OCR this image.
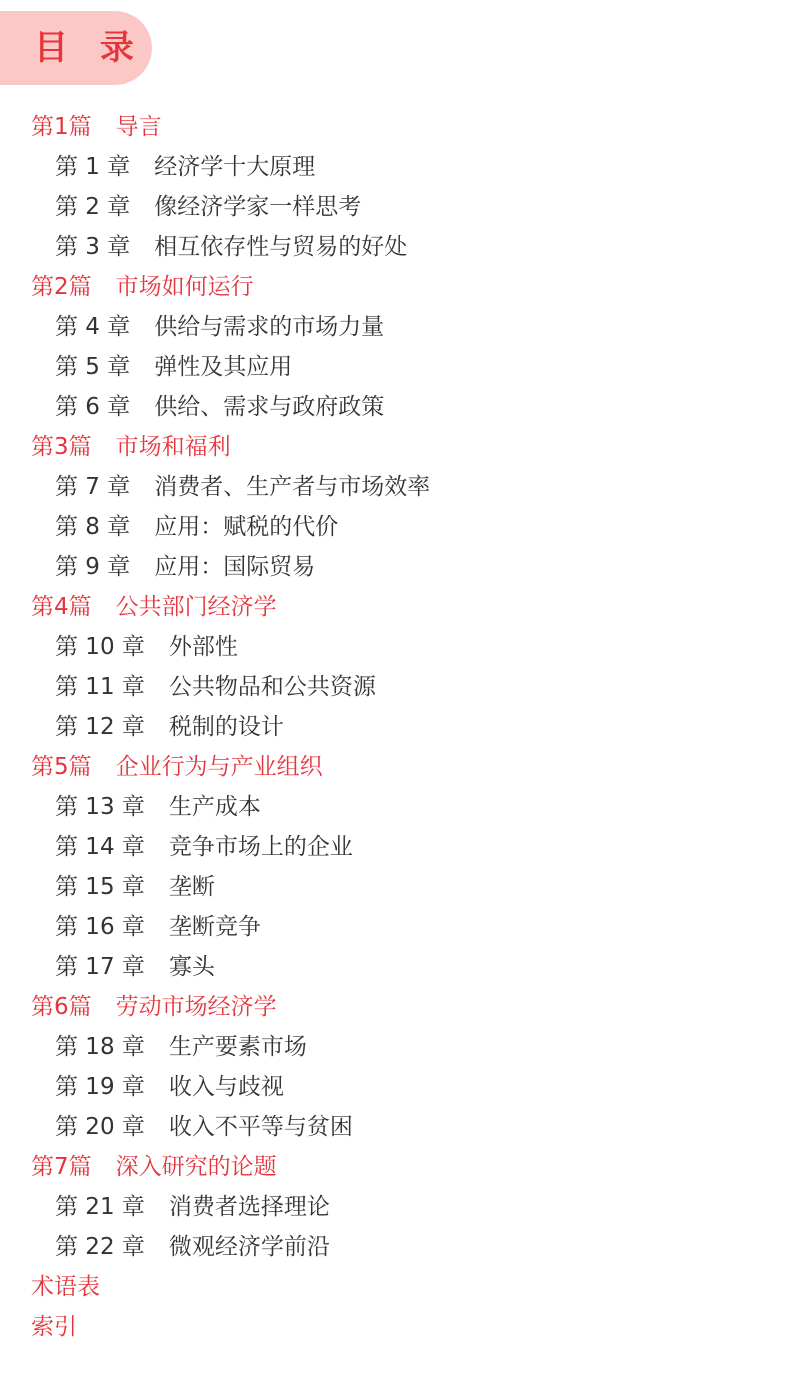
目 录
第1篇 导言
第 1 章 经济学十大原理
第 2 章 像经济学家一样思考
第 3 章 相互依存性与贸易的好处
第2篇 市场如何运行
第 4 章 供给与需求的市场力量
第 5 章 弹性及其应用
第 6 章 供给、需求与政府政策
第3篇 市场和福利
第 7 章 消费者、生产者与市场效率
第 8 章 应用：赋税的代价
第 9 章 应用：国际贸易
第4篇 公共部门经济学
第 10 章 外部性
第 11 章 公共物品和公共资源
第 12 章 税制的设计
第5篇 企业行为与产业组织
第 13 章 生产成本
第 14 章 竞争市场上的企业
第 15 章 垄断
第 16 章 垄断竞争
第 17 章 寡头
第6篇 劳动市场经济学
第 18 章 生产要素市场
第 19 章 收入与歧视
第 20 章 收入不平等与贫困
第7篇 深入研究的论题
第 21 章 消费者选择理论
第 22 章 微观经济学前沿
术语表
索引
